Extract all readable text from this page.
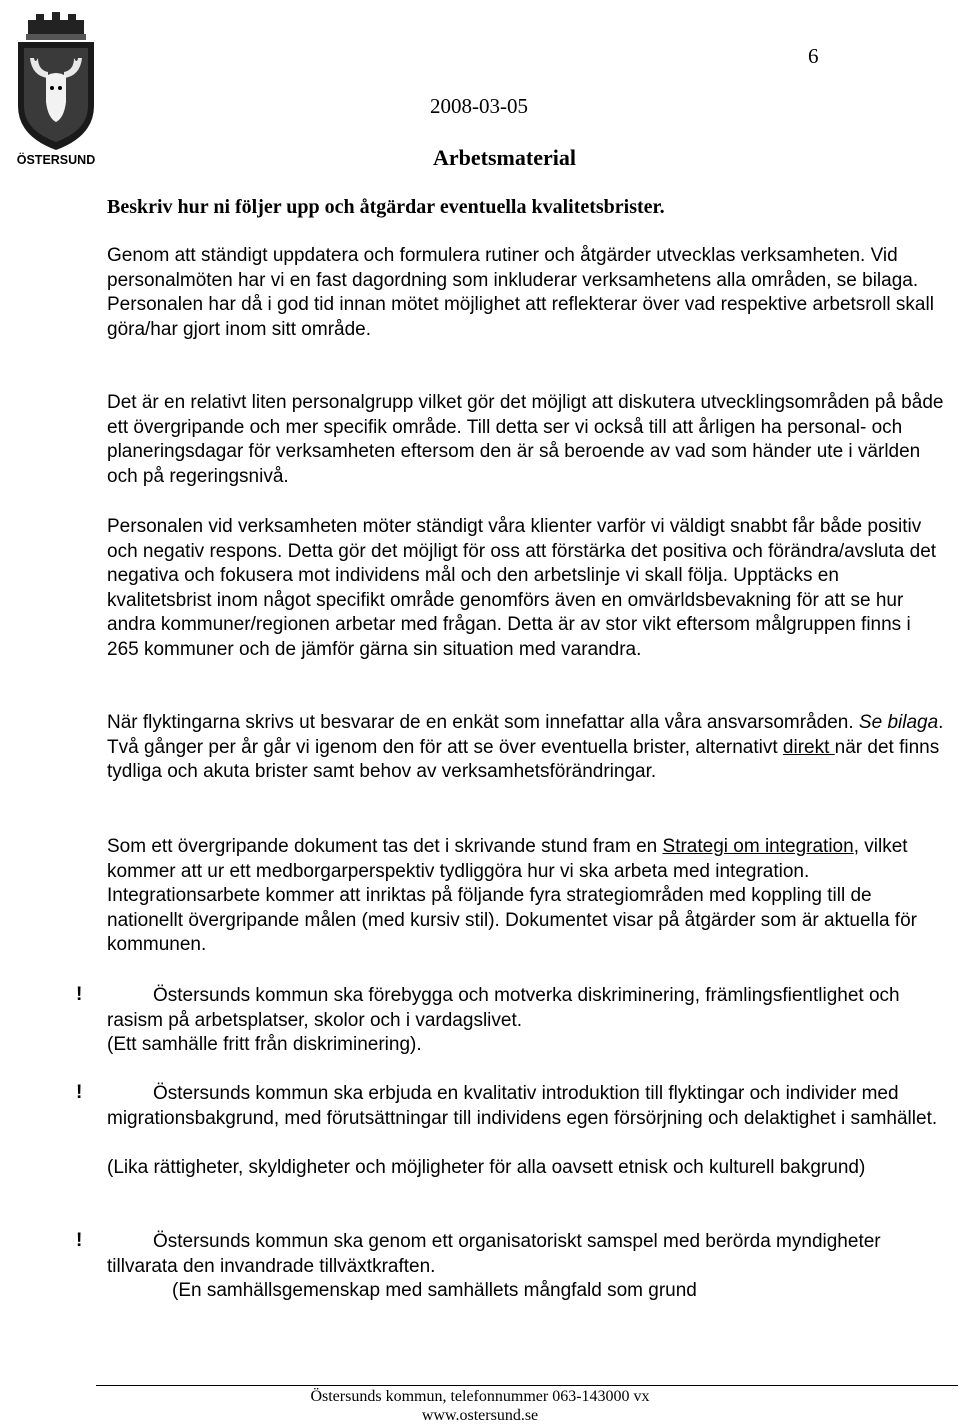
ÖSTERSUND
6
2008-03-05
Arbetsmaterial
Beskriv hur ni följer upp och åtgärdar eventuella kvalitetsbrister.

Genom att ständigt uppdatera och formulera rutiner och åtgärder utvecklas verksamheten. Vid personalmöten har vi en fast dagordning som inkluderar verksamhetens alla områden, se bilaga. Personalen har då i god tid innan mötet möjlighet att reflekterar över vad respektive arbetsroll skall göra/har gjort inom sitt område.

Det är en relativt liten personalgrupp vilket gör det möjligt att diskutera utvecklingsområden på både ett övergripande och mer specifik område. Till detta ser vi också till att årligen ha personal- och planeringsdagar för verksamheten eftersom den är så beroende av vad som händer ute i världen och på regeringsnivå.

Personalen vid verksamheten möter ständigt våra klienter varför vi väldigt snabbt får både positiv och negativ respons. Detta gör det möjligt för oss att förstärka det positiva och förändra/avsluta det negativa och fokusera mot individens mål och den arbetslinje vi skall följa. Upptäcks en kvalitetsbrist inom något specifikt område genomförs även en omvärldsbevakning för att se hur andra kommuner/regionen arbetar med frågan. Detta är av stor vikt eftersom målgruppen finns i 265 kommuner och de jämför gärna sin situation med varandra.

När flyktingarna skrivs ut besvarar de en enkät som innefattar alla våra ansvarsområden. Se bilaga. Två gånger per år går vi igenom den för att se över eventuella brister, alternativt direkt när det finns tydliga och akuta brister samt behov av verksamhetsförändringar.

Som ett övergripande dokument tas det i skrivande stund fram en Strategi om integration, vilket kommer att ur ett medborgarperspektiv tydliggöra hur vi ska arbeta med integration. Integrationsarbete kommer att inriktas på följande fyra strategiområden med koppling till de nationellt övergripande målen (med kursiv stil). Dokumentet visar på åtgärder som är aktuella för kommunen.

!	Östersunds kommun ska förebygga och motverka diskriminering, främlingsfientlighet och rasism på arbetsplatser, skolor och i vardagslivet.

(Ett samhälle fritt från diskriminering).

!	Östersunds kommun ska erbjuda en kvalitativ introduktion till flyktingar och individer med migrationsbakgrund, med förutsättningar till individens egen försörjning och delaktighet i samhället.

(Lika rättigheter, skyldigheter och möjligheter för alla oavsett etnisk och kulturell bakgrund)

!	Östersunds kommun ska genom ett organisatoriskt samspel med berörda myndigheter tillvarata den invandrade tillväxtkraften.

(En samhällsgemenskap med samhällets mångfald som grund

Östersunds kommun, telefonnummer 063-143000 vx
www.ostersund.se
